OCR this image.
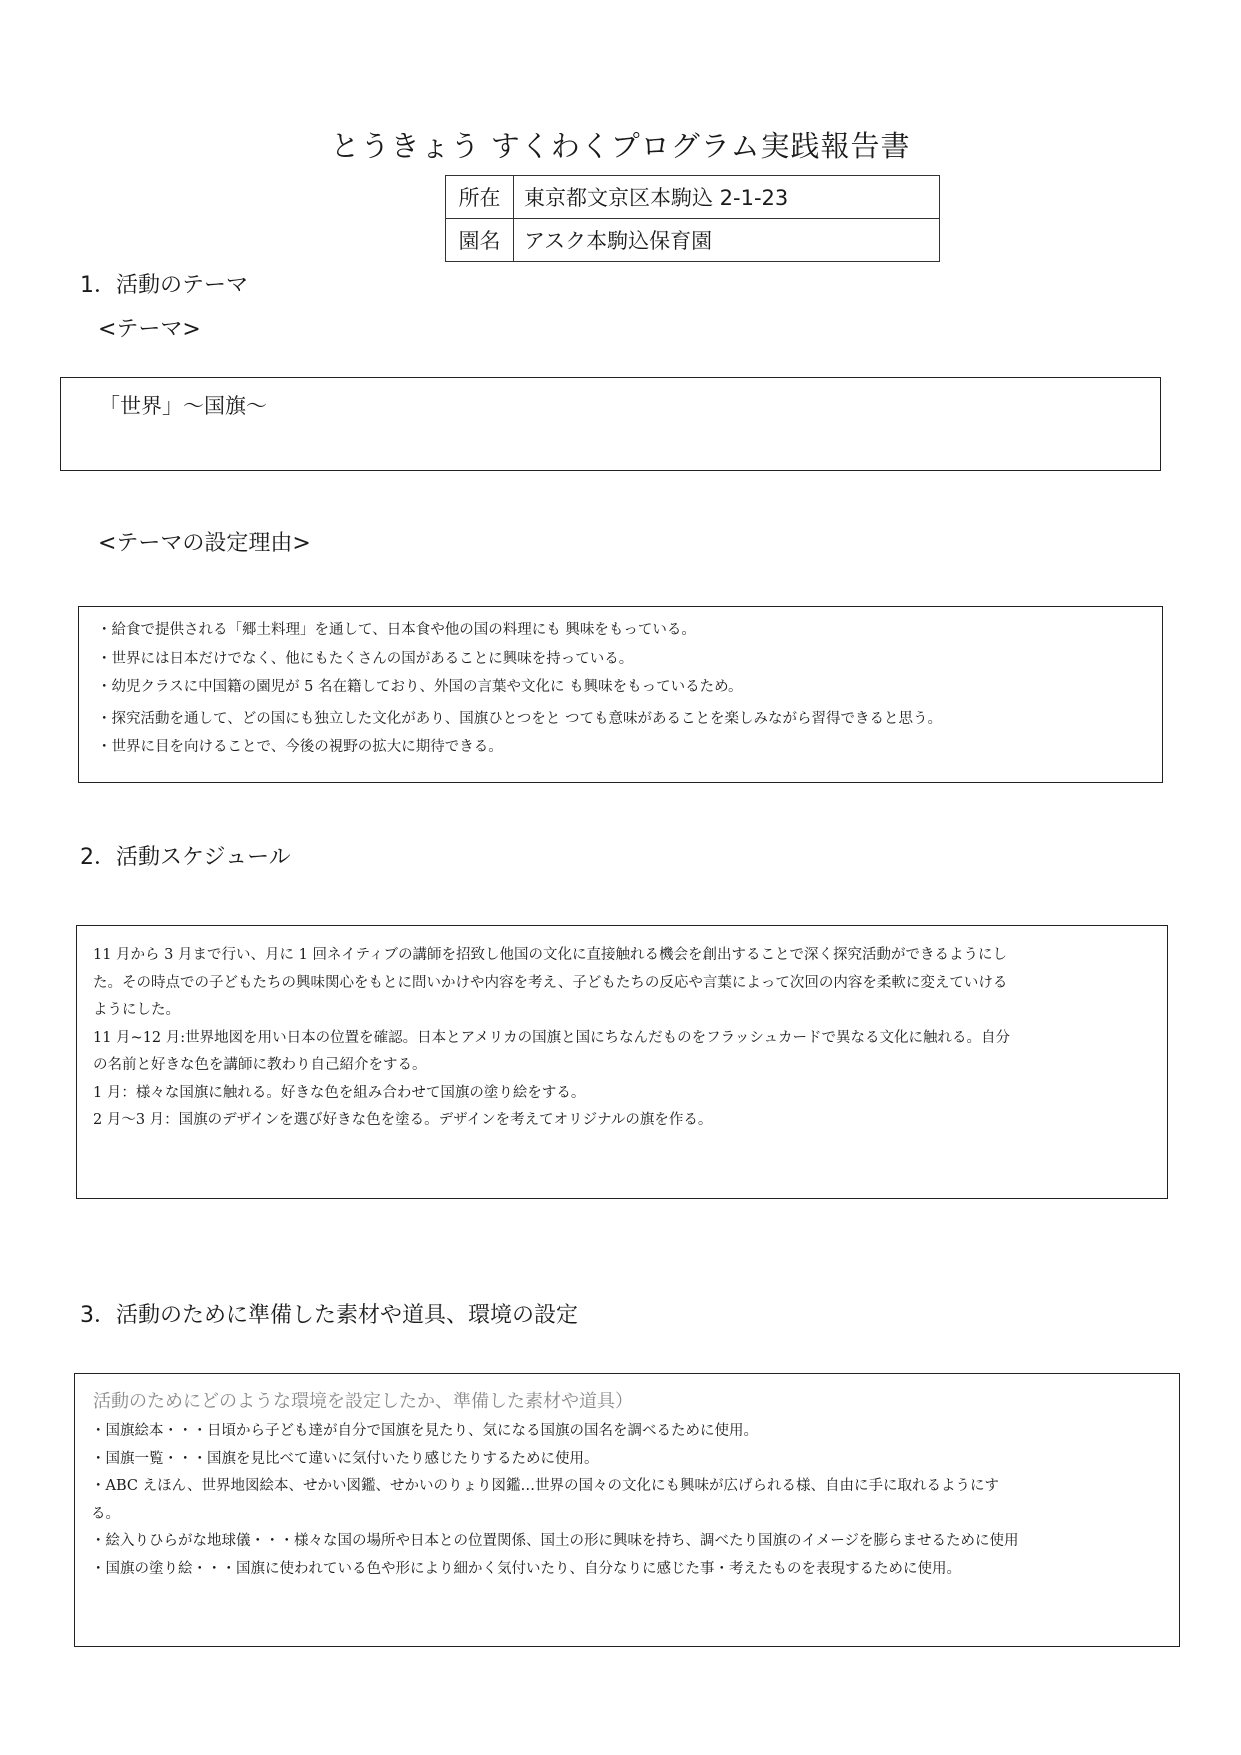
とうきょう すくわくプログラム実践報告書
所在	東京都文京区本駒込 2-1-23
園名	アスク本駒込保育園
1．活動のテーマ
<テーマ>
「世界」～国旗～
<テーマの設定理由>
・給食で提供される「郷土料理」を通して、日本食や他の国の料理にも 興味をもっている。
・世界には日本だけでなく、他にもたくさんの国があることに興味を持っている。
・幼児クラスに中国籍の園児が 5 名在籍しており、外国の言葉や文化に も興味をもっているため。
・探究活動を通して、どの国にも独立した文化があり、国旗ひとつをと つても意味があることを楽しみながら習得できると思う。
・世界に目を向けることで、今後の視野の拡大に期待できる。
2．活動スケジュール
11 月から 3 月まで行い、月に 1 回ネイティブの講師を招致し他国の文化に直接触れる機会を創出することで深く探究活動ができるようにし
た。その時点での子どもたちの興味関心をもとに問いかけや内容を考え、子どもたちの反応や言葉によって次回の内容を柔軟に変えていける
ようにした。
11 月~12 月:世界地図を用い日本の位置を確認。日本とアメリカの国旗と国にちなんだものをフラッシュカードで異なる文化に触れる。自分
の名前と好きな色を講師に教わり自己紹介をする。
1 月：様々な国旗に触れる。好きな色を組み合わせて国旗の塗り絵をする。
2 月～3 月：国旗のデザインを選び好きな色を塗る。デザインを考えてオリジナルの旗を作る。
3．活動のために準備した素材や道具、環境の設定
活動のためにどのような環境を設定したか、準備した素材や道具）
・国旗絵本・・・日頃から子ども達が自分で国旗を見たり、気になる国旗の国名を調べるために使用。
・国旗一覧・・・国旗を見比べて違いに気付いたり感じたりするために使用。
・ABC えほん、世界地図絵本、せかい図鑑、せかいのりょり図鑑…世界の国々の文化にも興味が広げられる様、自由に手に取れるようにす
る。
・絵入りひらがな地球儀・・・様々な国の場所や日本との位置関係、国土の形に興味を持ち、調べたり国旗のイメージを膨らませるために使用
・国旗の塗り絵・・・国旗に使われている色や形により細かく気付いたり、自分なりに感じた事・考えたものを表現するために使用。
